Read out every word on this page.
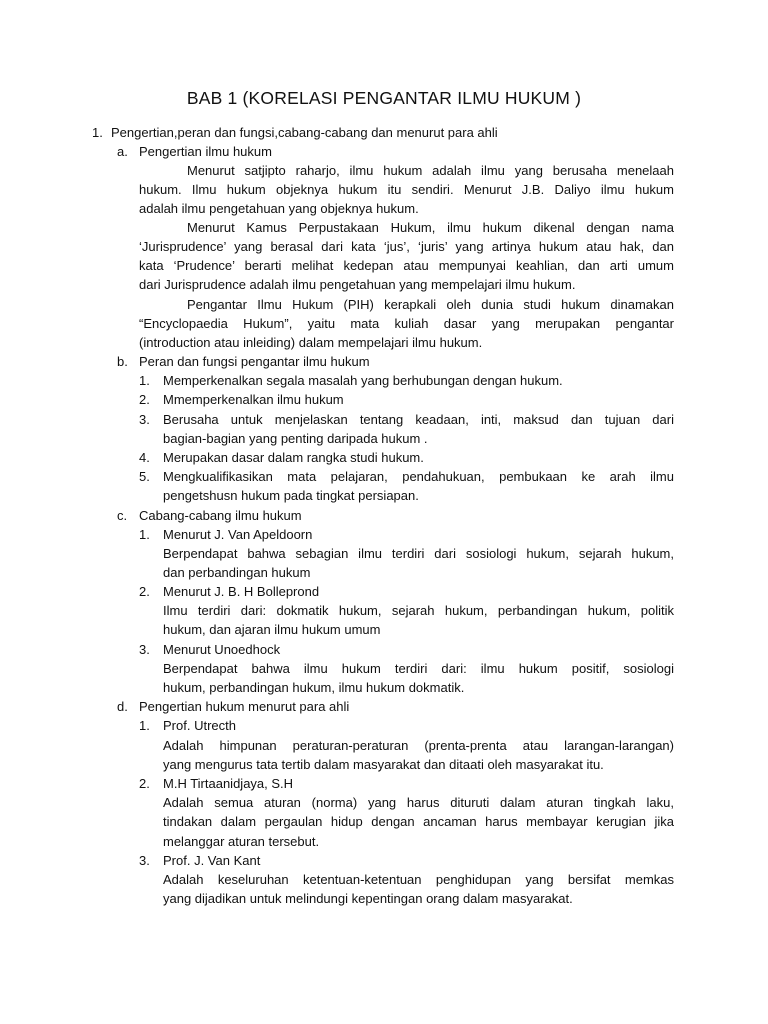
BAB 1 (KORELASI PENGANTAR ILMU HUKUM )
1. Pengertian,peran dan fungsi,cabang-cabang dan menurut para ahli
a. Pengertian ilmu hukum
Menurut satjipto raharjo, ilmu hukum adalah ilmu yang berusaha menelaah
hukum. Ilmu hukum objeknya hukum itu sendiri. Menurut J.B. Daliyo ilmu hukum
adalah ilmu pengetahuan yang objeknya hukum.
Menurut Kamus Perpustakaan Hukum, ilmu hukum dikenal dengan nama
‘Jurisprudence’ yang berasal dari kata ‘jus’, ‘juris’ yang artinya hukum atau hak, dan
kata ‘Prudence’ berarti melihat kedepan atau mempunyai keahlian, dan arti umum
dari Jurisprudence adalah ilmu pengetahuan yang mempelajari ilmu hukum.
Pengantar Ilmu Hukum (PIH) kerapkali oleh dunia studi hukum dinamakan
“Encyclopaedia Hukum”, yaitu mata kuliah dasar yang merupakan pengantar
(introduction atau inleiding) dalam mempelajari ilmu hukum.
b. Peran dan fungsi pengantar ilmu hukum
1. Memperkenalkan segala masalah yang berhubungan dengan hukum.
2. Mmemperkenalkan ilmu hukum
3. Berusaha untuk menjelaskan tentang keadaan, inti, maksud dan tujuan dari
bagian-bagian yang penting daripada hukum .
4. Merupakan dasar dalam rangka studi hukum.
5. Mengkualifikasikan mata pelajaran, pendahukuan, pembukaan ke arah ilmu
pengetshusn hukum pada tingkat persiapan.
c. Cabang-cabang ilmu hukum
1. Menurut J. Van Apeldoorn
Berpendapat bahwa sebagian ilmu terdiri dari sosiologi hukum, sejarah hukum,
dan perbandingan hukum
2. Menurut J. B. H Bolleprond
Ilmu terdiri dari: dokmatik hukum, sejarah hukum, perbandingan hukum, politik
hukum, dan ajaran ilmu hukum umum
3. Menurut Unoedhock
Berpendapat bahwa ilmu hukum terdiri dari: ilmu hukum positif, sosiologi
hukum, perbandingan hukum, ilmu hukum dokmatik.
d. Pengertian hukum menurut para ahli
1. Prof. Utrecth
Adalah himpunan peraturan-peraturan (prenta-prenta atau larangan-larangan)
yang mengurus tata tertib dalam masyarakat dan ditaati oleh masyarakat itu.
2. M.H Tirtaanidjaya, S.H
Adalah semua aturan (norma) yang harus dituruti dalam aturan tingkah laku,
tindakan dalam pergaulan hidup dengan ancaman harus membayar kerugian jika
melanggar aturan tersebut.
3. Prof. J. Van Kant
Adalah keseluruhan ketentuan-ketentuan penghidupan yang bersifat memkas
yang dijadikan untuk melindungi kepentingan orang dalam masyarakat.
